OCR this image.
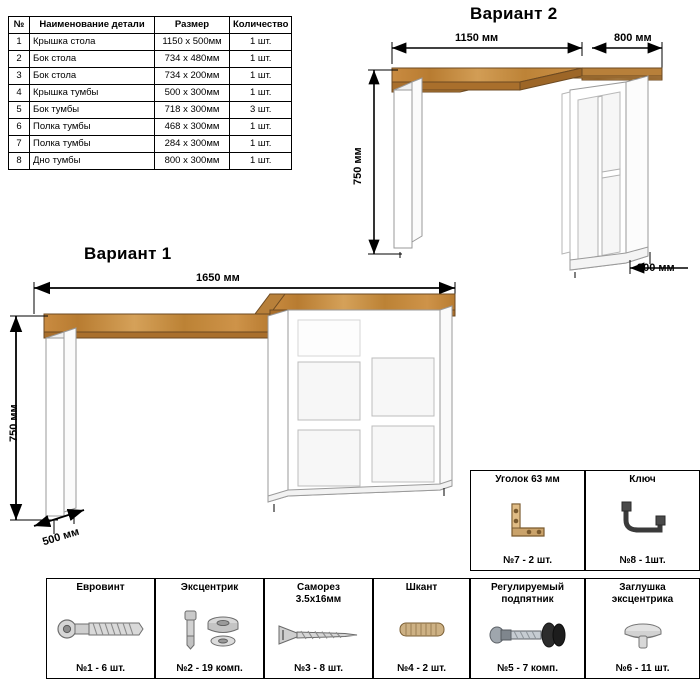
№	Наименование детали	Размер	Количество
1	Крышка стола	1150 x 500мм	1 шт.
2	Бок стола	734 x 480мм	1 шт.
3	Бок стола	734 x 200мм	1 шт.
4	Крышка тумбы	500 x 300мм	1 шт.
5	Бок тумбы	718 x 300мм	3 шт.
6	Полка тумбы	468 x 300мм	1 шт.
7	Полка тумбы	284 x 300мм	1 шт.
8	Дно тумбы	800 x 300мм	1 шт.
Вариант 2
1150 мм	800 мм
750 мм
300 мм
Вариант 1
1650 мм
750 мм
500 мм
Уголок 63 мм
№7 - 2 шт.
Ключ
№8 - 1шт.
Еврoвинт
№1 - 6 шт.
Эксцентрик
№2 - 19 комп.
Саморез
3.5x16мм
№3 - 8 шт.
Шкант
№4 - 2 шт.
Регулируемый
подпятник
№5 - 7 комп.
Заглушка
эксцентрика
№6 - 11 шт.
